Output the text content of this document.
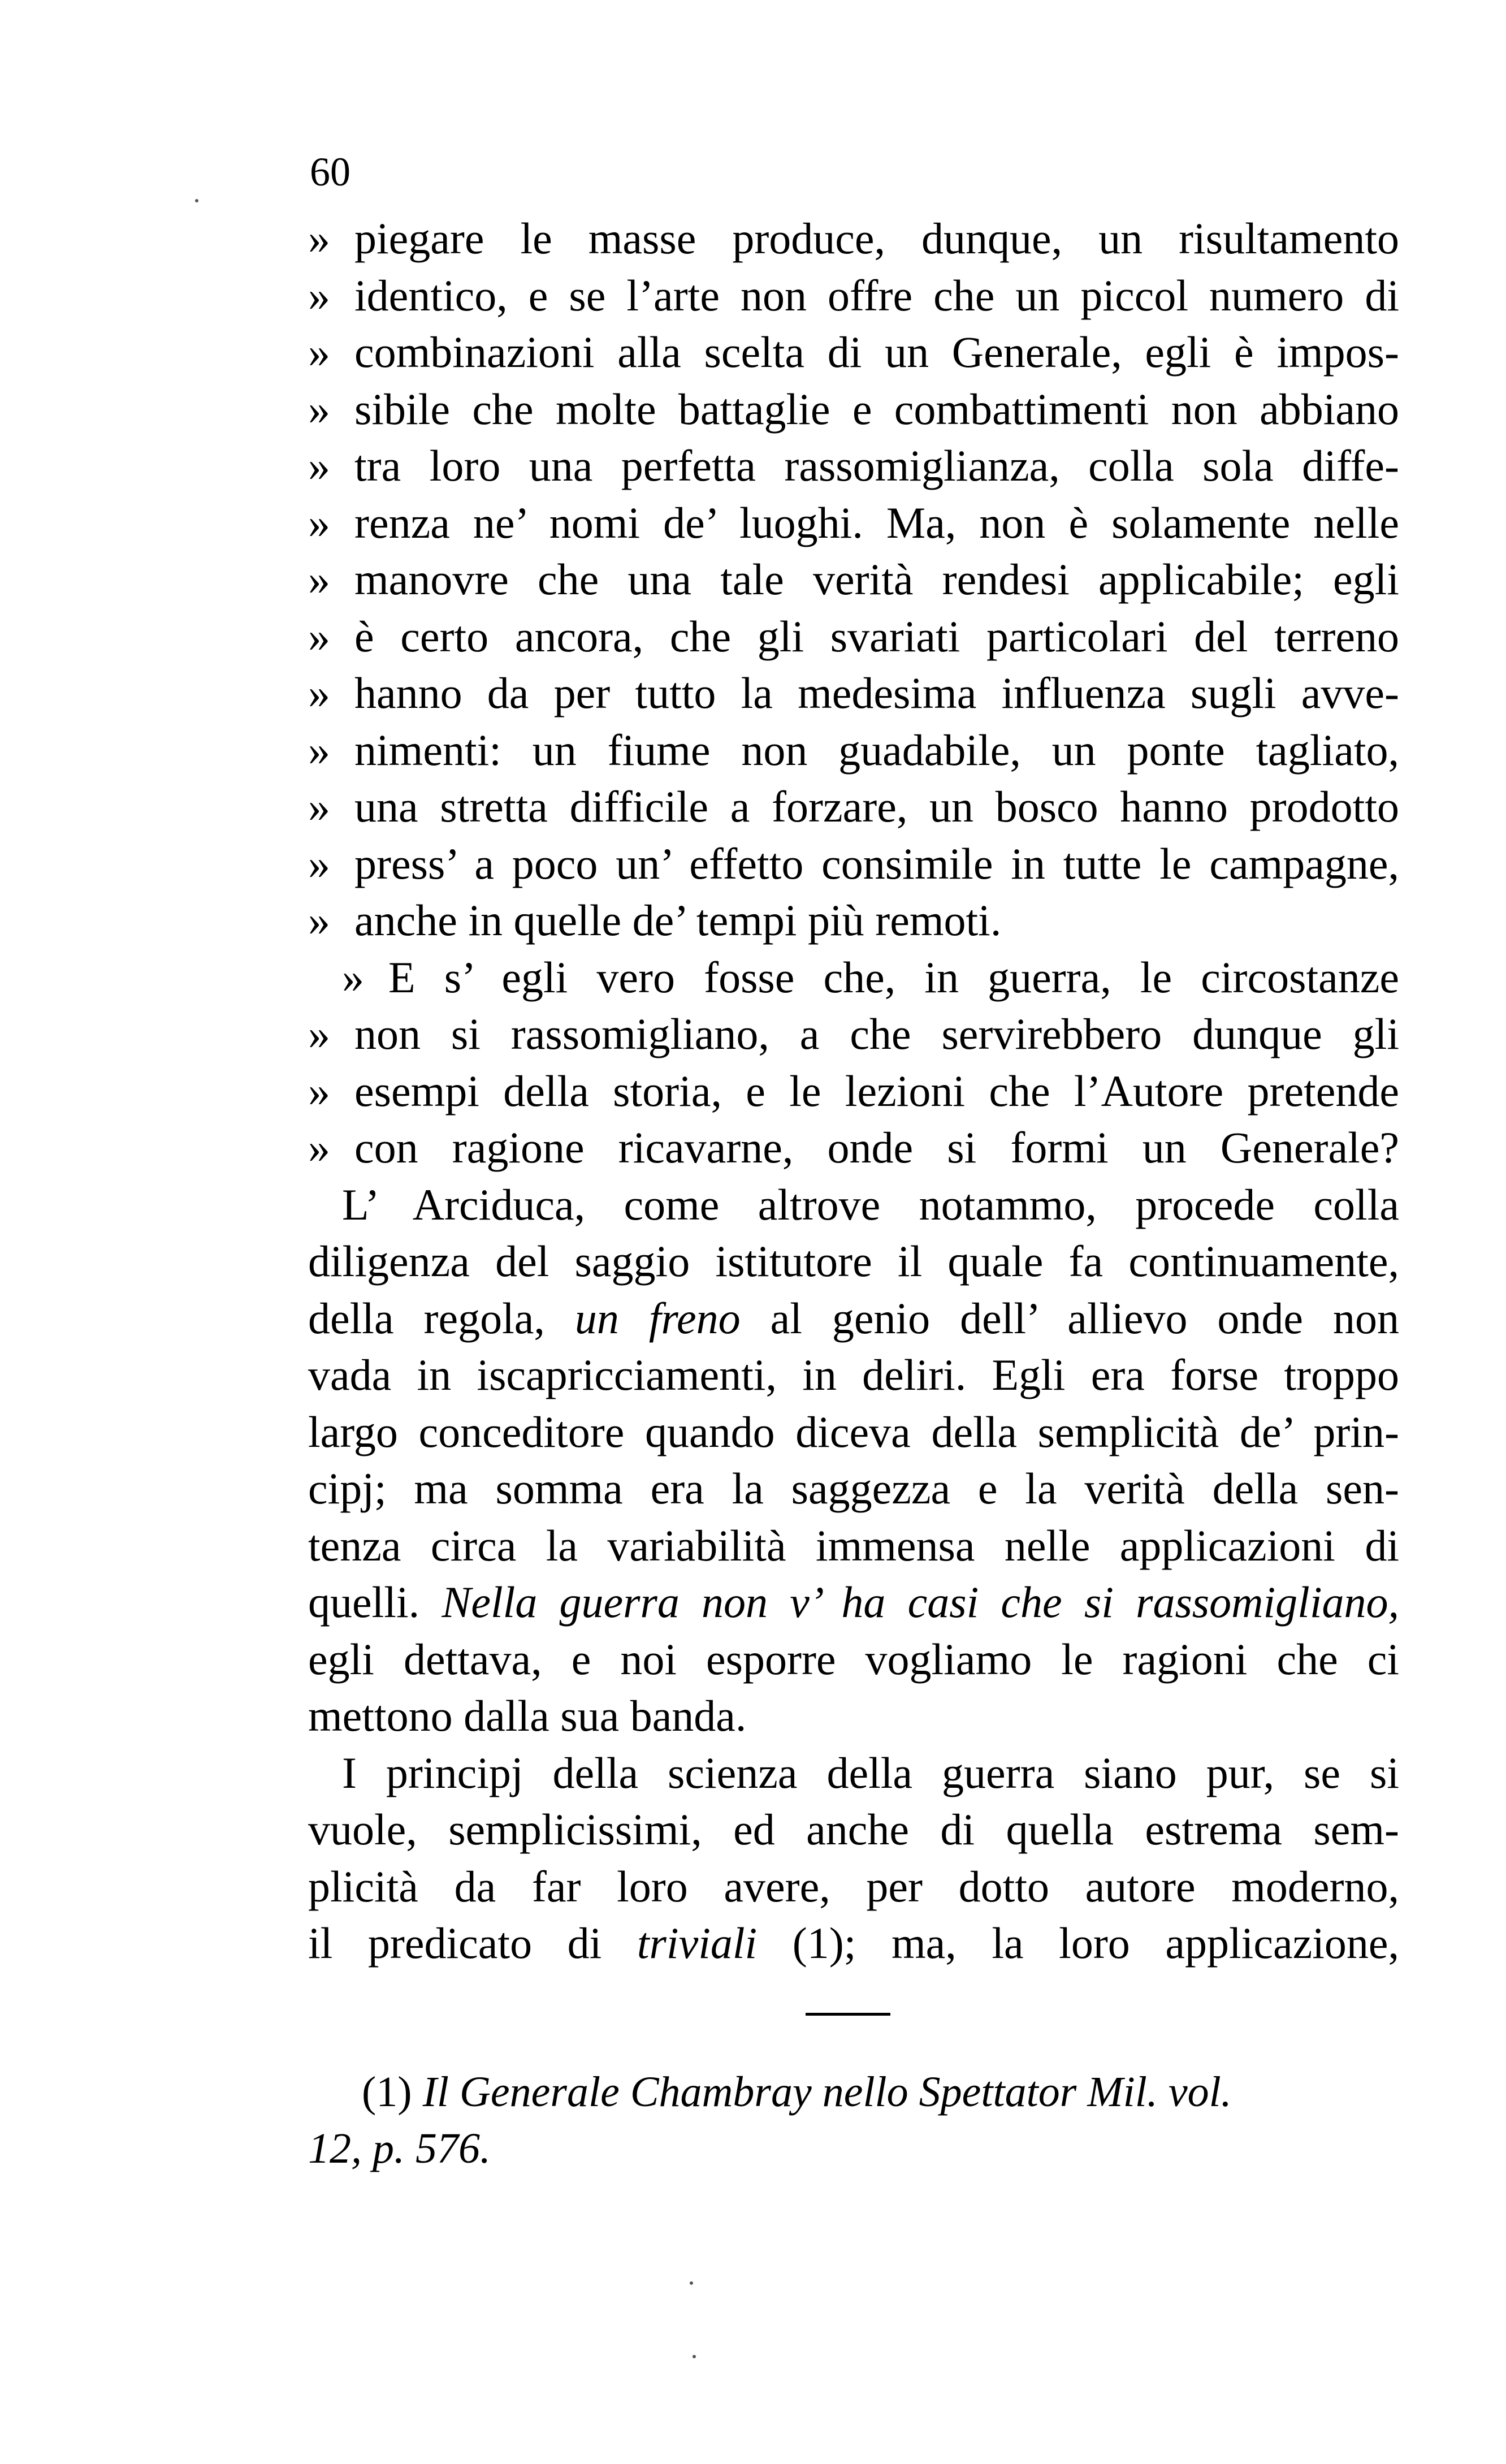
60
» piegare le masse produce, dunque, un risultamento
» identico, e se l’arte non offre che un piccol numero di
» combinazioni alla scelta di un Generale, egli è impos-
» sibile che molte battaglie e combattimenti non abbiano
» tra loro una perfetta rassomiglianza, colla sola diffe-
» renza ne’ nomi de’ luoghi. Ma, non è solamente nelle
» manovre che una tale verità rendesi applicabile; egli
» è certo ancora, che gli svariati particolari del terreno
» hanno da per tutto la medesima influenza sugli avve-
» nimenti: un fiume non guadabile, un ponte tagliato,
» una stretta difficile a forzare, un bosco hanno prodotto
» press’ a poco un’ effetto consimile in tutte le campagne,
» anche in quelle de’ tempi più remoti.
» E s’ egli vero fosse che, in guerra, le circostanze
» non si rassomigliano, a che servirebbero dunque gli
» esempi della storia, e le lezioni che l’Autore pretende
» con ragione ricavarne, onde si formi un Generale?
L’ Arciduca, come altrove notammo, procede colla
diligenza del saggio istitutore il quale fa continuamente,
della regola, un freno al genio dell’ allievo onde non
vada in iscapricciamenti, in deliri. Egli era forse troppo
largo conceditore quando diceva della semplicità de’ prin-
cipj; ma somma era la saggezza e la verità della sen-
tenza circa la variabilità immensa nelle applicazioni di
quelli. Nella guerra non v’ ha casi che si rassomigliano,
egli dettava, e noi esporre vogliamo le ragioni che ci
mettono dalla sua banda.
I principj della scienza della guerra siano pur, se si
vuole, semplicissimi, ed anche di quella estrema sem-
plicità da far loro avere, per dotto autore moderno,
il predicato di triviali (1); ma, la loro applicazione,
(1) Il Generale Chambray nello Spettator Mil. vol.
12, p. 576.
